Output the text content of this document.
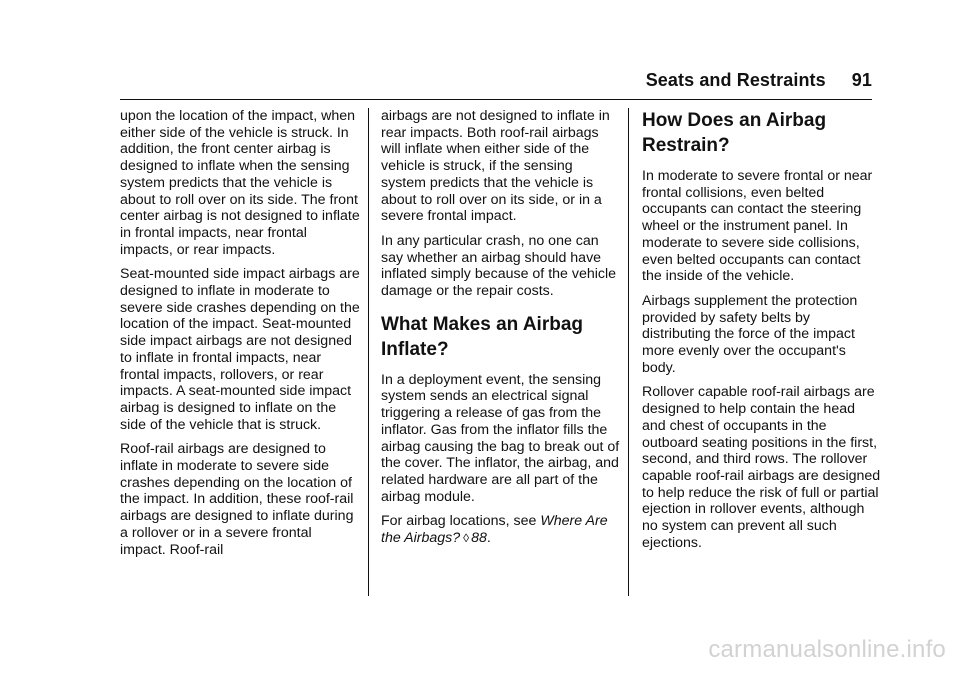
Seats and Restraints 91

upon the location of the impact, when either side of the vehicle is struck. In addition, the front center airbag is designed to inflate when the sensing system predicts that the vehicle is about to roll over on its side. The front center airbag is not designed to inflate in frontal impacts, near frontal impacts, or rear impacts.

Seat-mounted side impact airbags are designed to inflate in moderate to severe side crashes depending on the location of the impact. Seat-mounted side impact airbags are not designed to inflate in frontal impacts, near frontal impacts, rollovers, or rear impacts. A seat-mounted side impact airbag is designed to inflate on the side of the vehicle that is struck.

Roof-rail airbags are designed to inflate in moderate to severe side crashes depending on the location of the impact. In addition, these roof-rail airbags are designed to inflate during a rollover or in a severe frontal impact. Roof-rail

airbags are not designed to inflate in rear impacts. Both roof-rail airbags will inflate when either side of the vehicle is struck, if the sensing system predicts that the vehicle is about to roll over on its side, or in a severe frontal impact.

In any particular crash, no one can say whether an airbag should have inflated simply because of the vehicle damage or the repair costs.

What Makes an Airbag Inflate?

In a deployment event, the sensing system sends an electrical signal triggering a release of gas from the inflator. Gas from the inflator fills the airbag causing the bag to break out of the cover. The inflator, the airbag, and related hardware are all part of the airbag module.

For airbag locations, see Where Are the Airbags? ◊ 88.

How Does an Airbag Restrain?

In moderate to severe frontal or near frontal collisions, even belted occupants can contact the steering wheel or the instrument panel. In moderate to severe side collisions, even belted occupants can contact the inside of the vehicle.

Airbags supplement the protection provided by safety belts by distributing the force of the impact more evenly over the occupant's body.

Rollover capable roof-rail airbags are designed to help contain the head and chest of occupants in the outboard seating positions in the first, second, and third rows. The rollover capable roof-rail airbags are designed to help reduce the risk of full or partial ejection in rollover events, although no system can prevent all such ejections.

carmanualsonline.info
